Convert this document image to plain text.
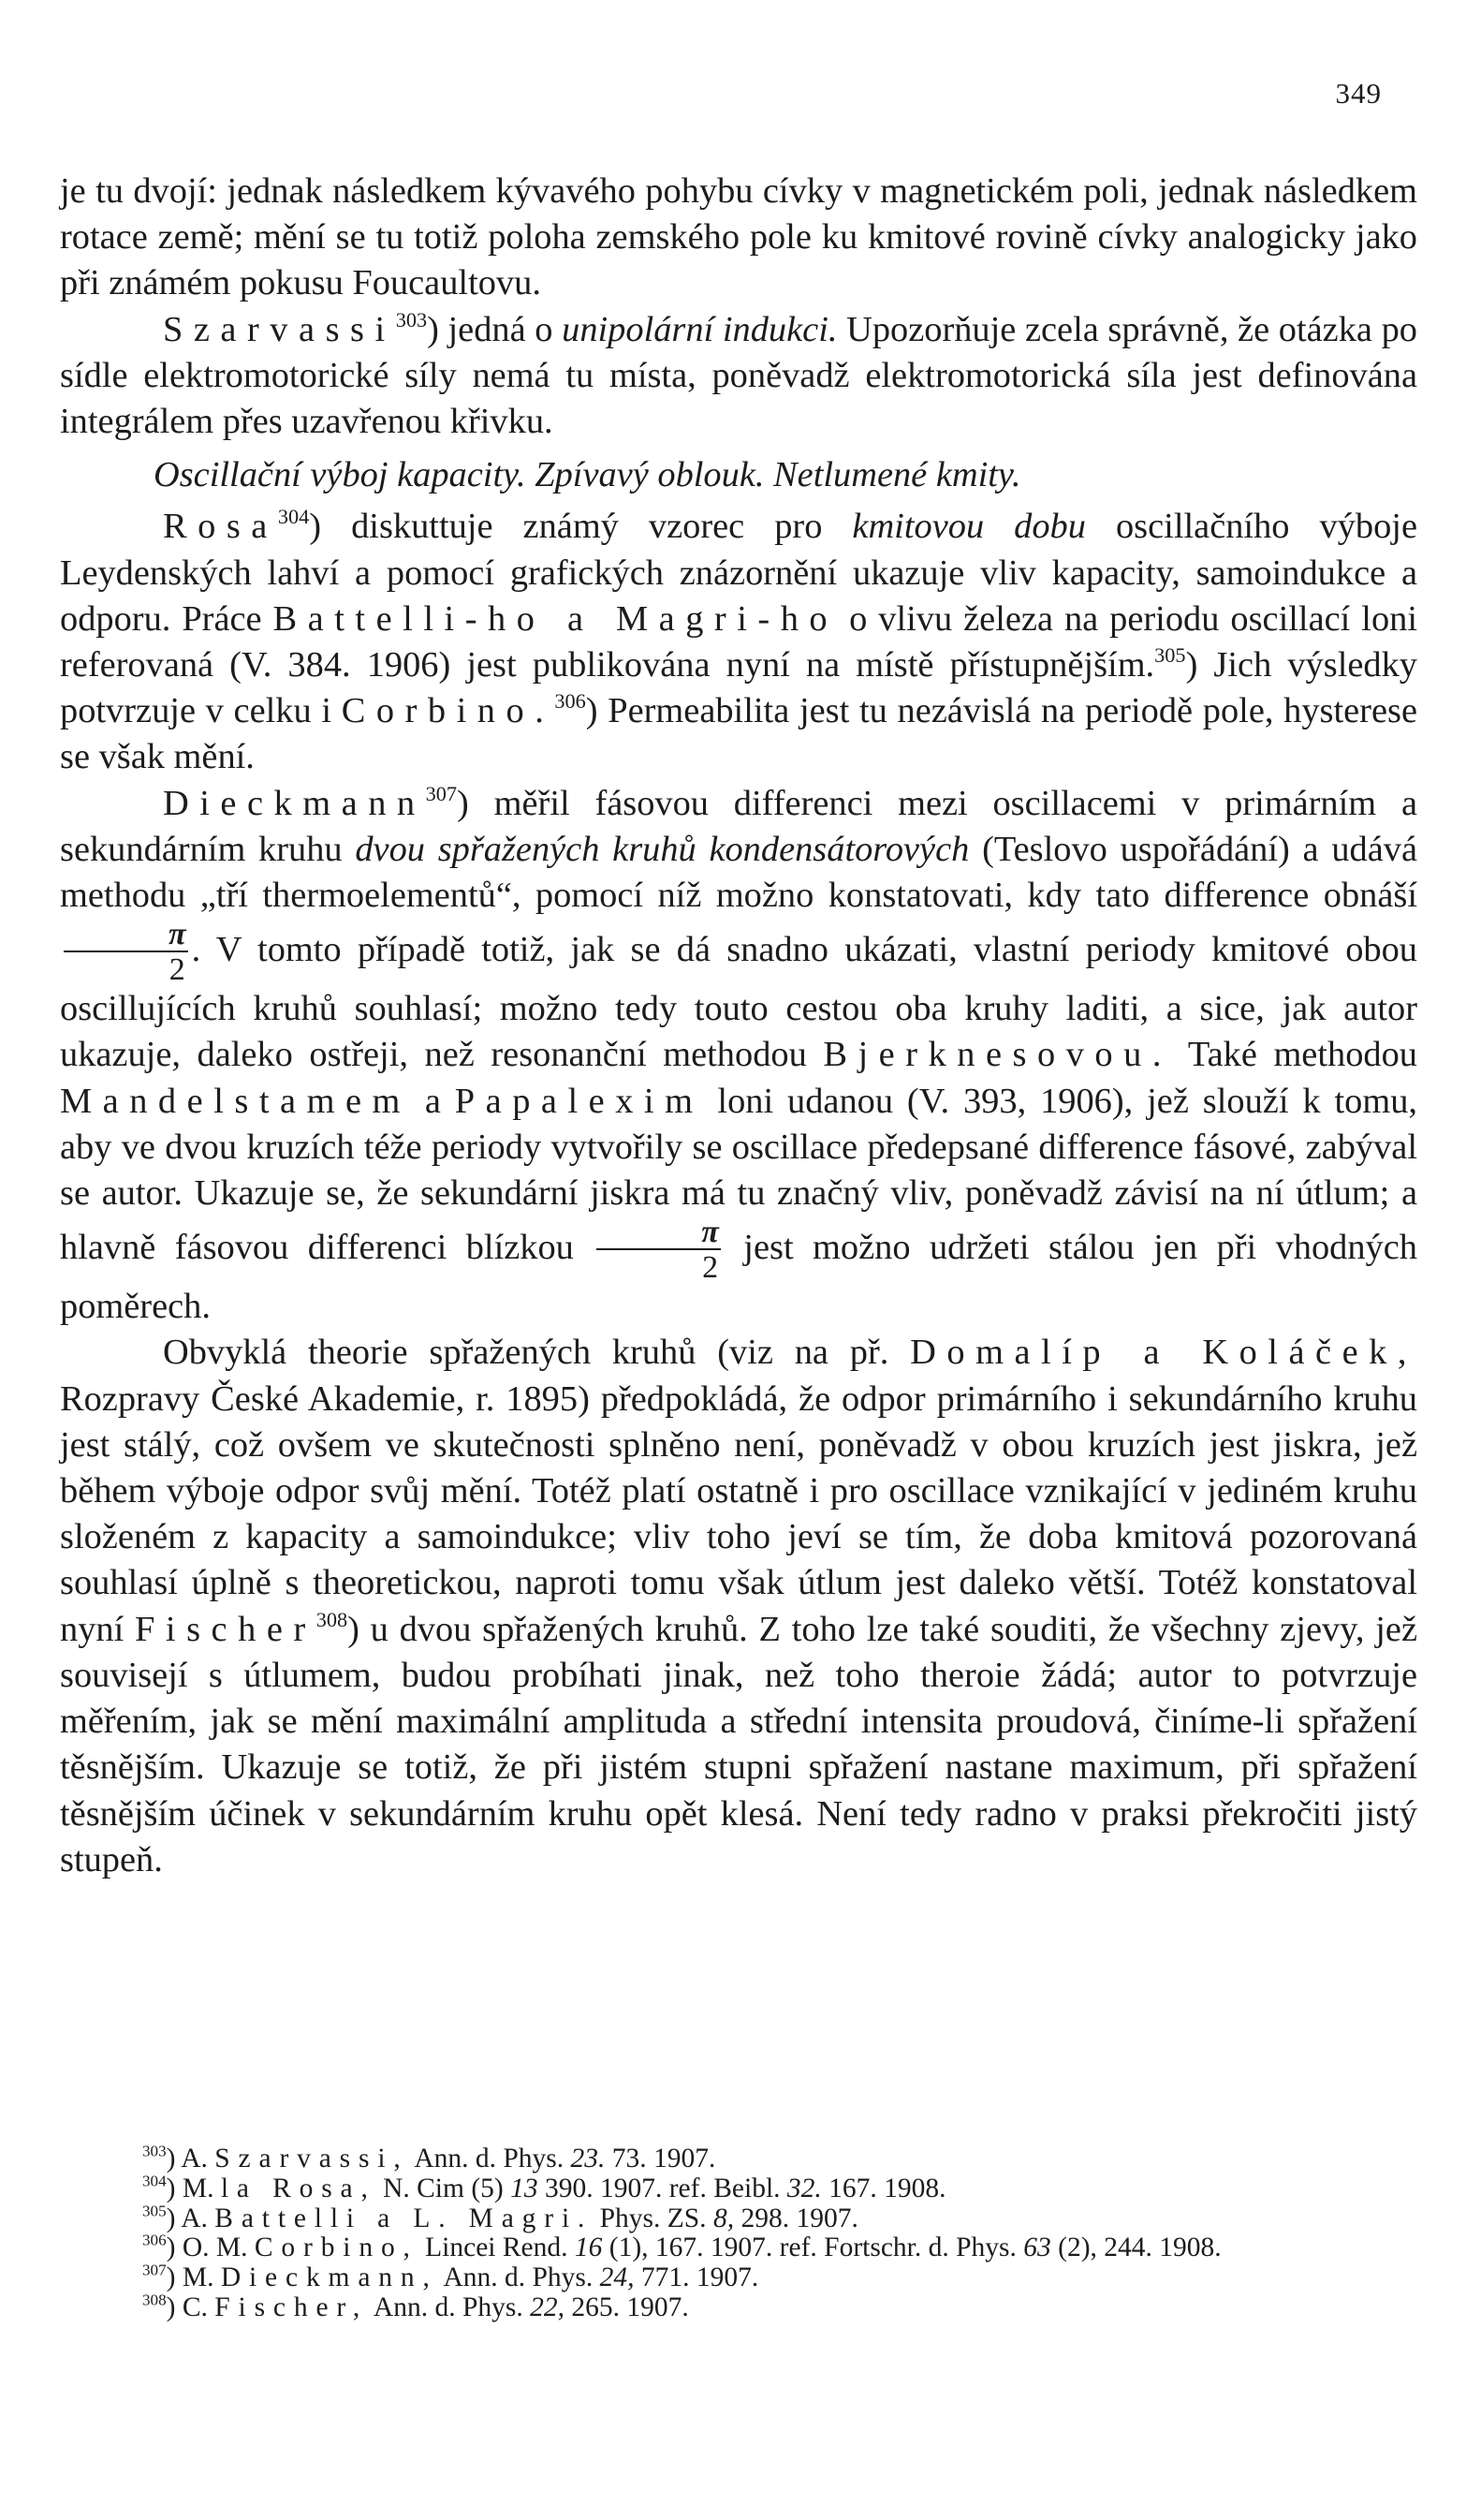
349

je tu dvojí: jednak následkem kývavého pohybu cívky v magnetickém poli, jednak následkem rotace země; mění se tu totiž poloha zemského pole ku kmitové rovině cívky analogicky jako při známém pokusu Foucaultovu.

Szarvassi$^{303}$) jedná o unipolární indukci. Upozorňuje zcela správně, že otázka po sídle elektromotorické síly nemá tu místa, poněvadž elektromotorická síla jest definována integrálem přes uzavřenou křivku.

Oscillační výboj kapacity. Zpívavý oblouk. Netlumené kmity.

Rosa$^{304}$) diskuttuje známý vzorec pro kmitovou dobu oscillačního výboje Leydenských lahví a pomocí grafických znázornění ukazuje vliv kapacity, samoindukce a odporu. Práce Battelli-ho a Magri-ho o vlivu železa na periodu oscillací loni referovaná (V. 384. 1906) jest publikována nyní na místě přístupnějším.$^{305}$) Jich výsledky potvrzuje v celku i Corbino.$^{306}$) Permeabilita jest tu nezávislá na periodě pole, hysterese se však mění.

Dieckmann$^{307}$) měřil fásovou differenci mezi oscillacemi v primárním a sekundárním kruhu dvou spřažených kruhů kondensátorových (Teslovo uspořádání) a udává methodu „tří thermoelementů“, pomocí níž možno konstatovati, kdy tato difference obnáší
$\frac{\pi}{2}$ . V tomto případě totiž, jak se dá snadno ukázati, vlastní periody kmitové obou oscillujících kruhů souhlasí; možno tedy touto cestou oba kruhy laditi, a sice, jak autor ukazuje, daleko ostřeji, než resonanční methodou Bjerknesovou. Také methodou Mandelstamem a Papalexim loni udanou (V. 393, 1906), jež slouží k tomu, aby ve dvou kruzích téže periody vytvořily se oscillace předepsané difference fásové, zabýval se autor. Ukazuje se, že sekundární jiskra má tu značný vliv, poněvadž závisí na ní útlum; a hlavně fásovou differenci blízkou $\frac{\pi}{2}$ jest možno udržeti stálou jen při vhodných poměrech.

Obvyklá theorie spřažených kruhů (viz na př. Domalíp a Koláček, Rozpravy České Akademie, r. 1895) předpokládá, že odpor primárního i sekundárního kruhu jest stálý, což ovšem ve skutečnosti splněno není, poněvadž v obou kruzích jest jiskra, jež během výboje odpor svůj mění. Totéž platí ostatně i pro oscillace vznikající v jediném kruhu složeném z kapacity a samoindukce; vliv toho jeví se tím, že doba kmitová pozorovaná souhlasí úplně s theoretickou, naproti tomu však útlum jest daleko větší. Totéž konstatoval nyní Fischer$^{308}$) u dvou spřažených kruhů. Z toho lze také souditi, že všechny zjevy, jež souvisejí s útlumem, budou probíhati jinak, než toho theroie žádá; autor to potvrzuje měřením, jak se mění maximální amplituda a střední intensita proudová, činíme-li spřažení těsnějším. Ukazuje se totiž, že při jistém stupni spřažení nastane maximum, při spřažení těsnějším účinek v sekundárním kruhu opět klesá. Není tedy radno v praksi překročiti jistý stupeň.

$^{303}$) A. Szarvassi, Ann. d. Phys. 23. 73. 1907.

$^{304}$) M. la Rosa, N. Cim (5) 13 390. 1907. ref. Beibl. 32. 167. 1908.

$^{305}$) A. Battelli a L. Magri. Phys. ZS. 8, 298. 1907.

$^{306}$) O. M. Corbino, Lincei Rend. 16 (1), 167. 1907. ref. Fortschr. d. Phys. 63 (2), 244. 1908.

$^{307}$) M. Dieckmann, Ann. d. Phys. 24, 771. 1907.

$^{308}$) C. Fischer, Ann. d. Phys. 22, 265. 1907.
